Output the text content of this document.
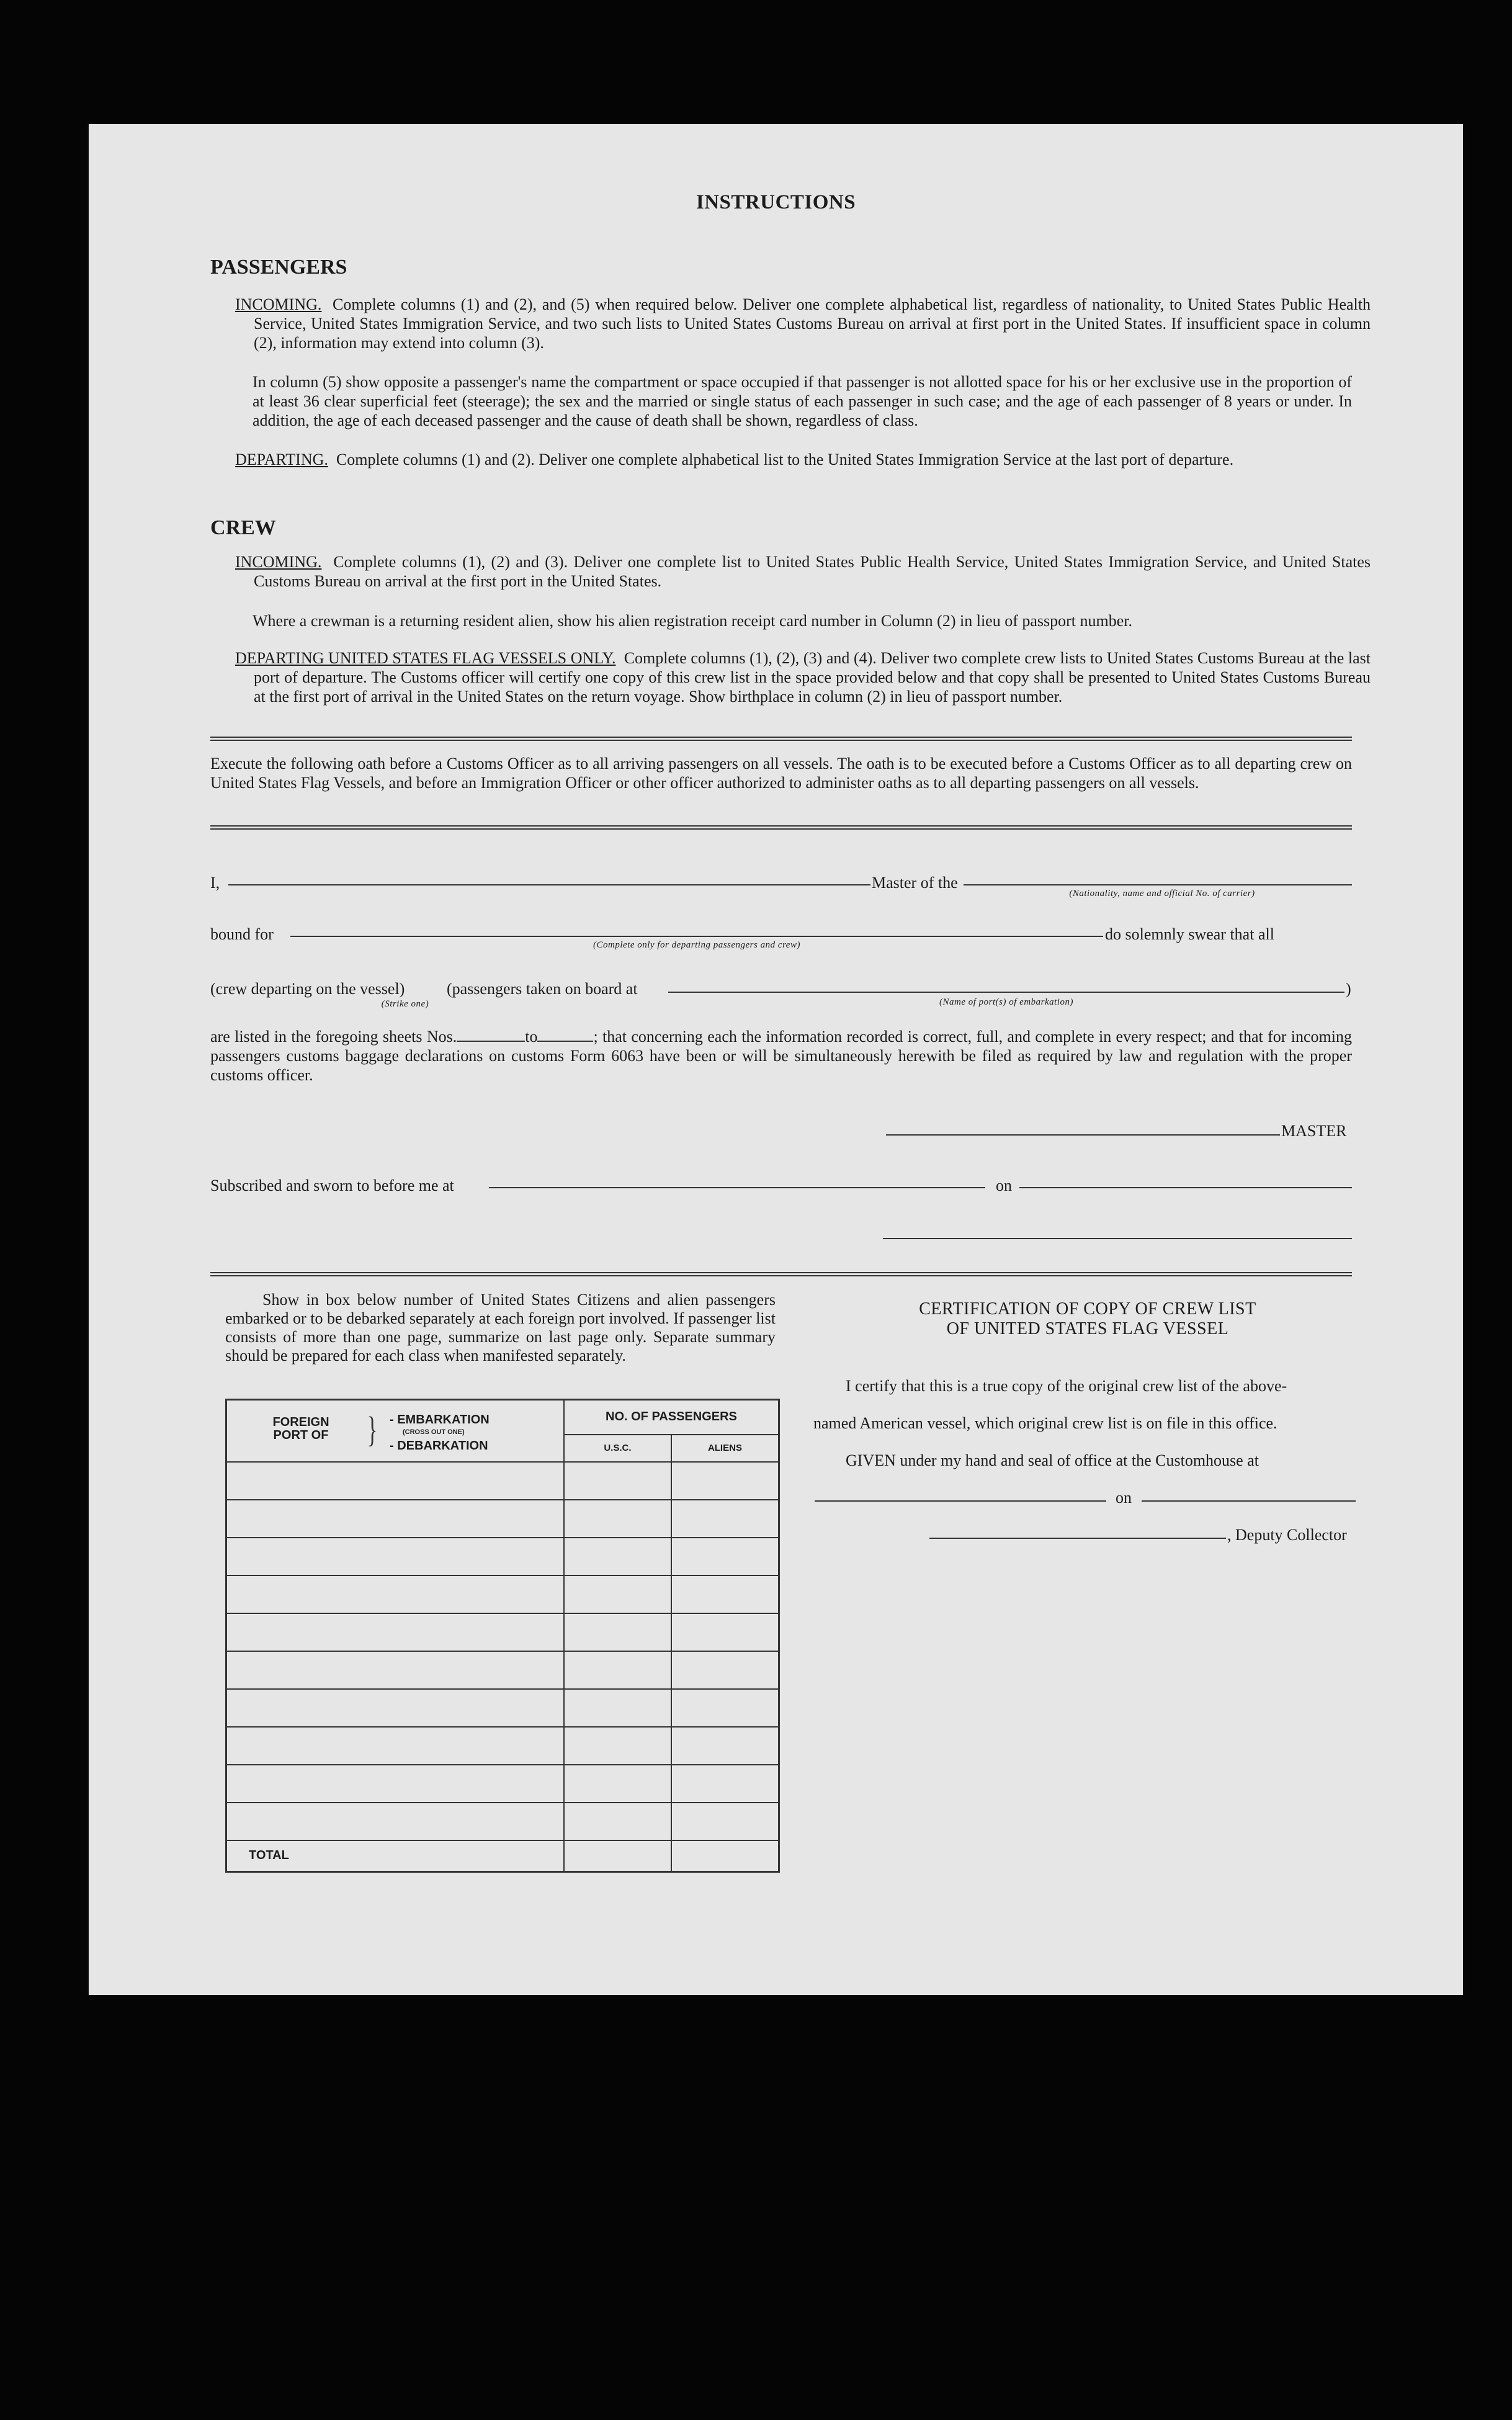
INSTRUCTIONS
PASSENGERS
INCOMING. Complete columns (1) and (2), and (5) when required below. Deliver one complete alphabetical list, regardless of nationality, to United States Public Health Service, United States Immigration Service, and two such lists to United States Customs Bureau on arrival at first port in the United States. If insufficient space in column (2), information may extend into column (3).
In column (5) show opposite a passenger's name the compartment or space occupied if that passenger is not allotted space for his or her exclusive use in the proportion of at least 36 clear superficial feet (steerage); the sex and the married or single status of each passenger in such case; and the age of each passenger of 8 years or under. In addition, the age of each deceased passenger and the cause of death shall be shown, regardless of class.
DEPARTING. Complete columns (1) and (2). Deliver one complete alphabetical list to the United States Immigration Service at the last port of departure.
CREW
INCOMING. Complete columns (1), (2) and (3). Deliver one complete list to United States Public Health Service, United States Immigration Service, and United States Customs Bureau on arrival at the first port in the United States.
Where a crewman is a returning resident alien, show his alien registration receipt card number in Column (2) in lieu of passport number.
DEPARTING UNITED STATES FLAG VESSELS ONLY. Complete columns (1), (2), (3) and (4). Deliver two complete crew lists to United States Customs Bureau at the last port of departure. The Customs officer will certify one copy of this crew list in the space provided below and that copy shall be presented to United States Customs Bureau at the first port of arrival in the United States on the return voyage. Show birthplace in column (2) in lieu of passport number.
Execute the following oath before a Customs Officer as to all arriving passengers on all vessels. The oath is to be executed before a Customs Officer as to all departing crew on United States Flag Vessels, and before an Immigration Officer or other officer authorized to administer oaths as to all departing passengers on all vessels.
I,	Master of the
(Nationality, name and official No. of carrier)
bound for
(Complete only for departing passengers and crew)
do solemnly swear that all
(crew departing on the vessel)	(passengers taken on board at
(Strike one)	(Name of port(s) of embarkation)
)
are listed in the foregoing sheets Nos.	to	; that concerning each the information recorded is correct, full, and complete in every respect; and that for incoming passengers customs baggage declarations on customs Form 6063 have been or will be simultaneously herewith be filed as required by law and regulation with the proper customs officer.
MASTER
Subscribed and sworn to before me at	on
Show in box below number of United States Citizens and alien passengers embarked or to be debarked separately at each foreign port involved. If passenger list consists of more than one page, summarize on last page only. Separate summary should be prepared for each class when manifested separately.
FOREIGN PORT OF } - EMBARKATION
(CROSS OUT ONE)
- DEBARKATION	NO. OF PASSENGERS	
	U.S.C.	ALIENS

TOTAL		
CERTIFICATION OF COPY OF CREW LIST
OF UNITED STATES FLAG VESSEL
I certify that this is a true copy of the original crew list of the above-
named American vessel, which original crew list is on file in this office.
GIVEN under my hand and seal of office at the Customhouse at
on
, Deputy Collector
